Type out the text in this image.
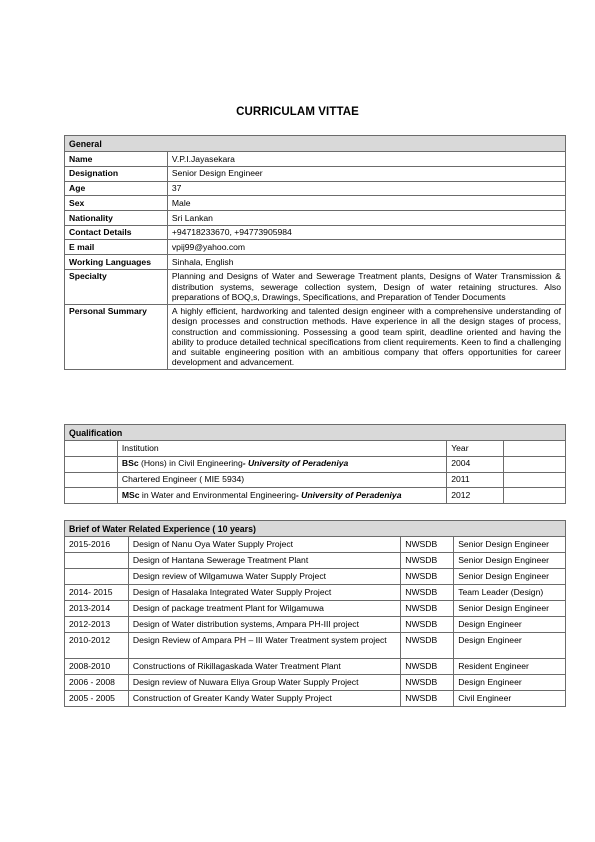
CURRICULAM VITTAE
General	
Name	V.P.I.Jayasekara
Designation	Senior Design Engineer
Age	37
Sex	Male
Nationality	Sri Lankan
Contact Details	+94718233670, +94773905984
E mail	vpij99@yahoo.com
Working Languages	Sinhala, English
Specialty	Planning and Designs of Water and Sewerage Treatment plants, Designs of Water Transmission & distribution systems, sewerage collection system, Design of water retaining structures. Also preparations of BOQ,s, Drawings, Specifications, and Preparation of Tender Documents
Personal Summary	A highly efficient, hardworking and talented design engineer with a comprehensive understanding of design processes and construction methods. Have experience in all the design stages of process, construction and commissioning. Possessing a good team spirit, deadline oriented and having the ability to produce detailed technical specifications from client requirements. Keen to find a challenging and suitable engineering position with an ambitious company that offers opportunities for career development and advancement.
Qualification			
	Institution	Year	
	BSc (Hons) in Civil Engineering- University of Peradeniya	2004	
	Chartered Engineer ( MIE 5934)	2011	
	MSc in Water and Environmental Engineering- University of Peradeniya	2012	
Brief of Water Related Experience ( 10 years)			
2015-2016	Design of Nanu Oya Water Supply Project	NWSDB	Senior Design Engineer
	Design of Hantana Sewerage Treatment Plant	NWSDB	Senior Design Engineer
	Design review of Wilgamuwa Water Supply Project	NWSDB	Senior Design Engineer
2014- 2015	Design of Hasalaka Integrated Water Supply Project	NWSDB	Team Leader (Design)
2013-2014	Design of package treatment Plant for Wilgamuwa	NWSDB	Senior Design Engineer
2012-2013	Design of Water distribution systems, Ampara PH-III project	NWSDB	Design Engineer
2010-2012	Design Review of Ampara PH – III Water Treatment system project	NWSDB	Design Engineer
2008-2010	Constructions of Rikillagaskada Water Treatment Plant	NWSDB	Resident Engineer
2006 - 2008	Design review of Nuwara Eliya Group Water Supply Project	NWSDB	Design Engineer
2005 - 2005	Construction of Greater Kandy Water Supply Project	NWSDB	Civil Engineer
